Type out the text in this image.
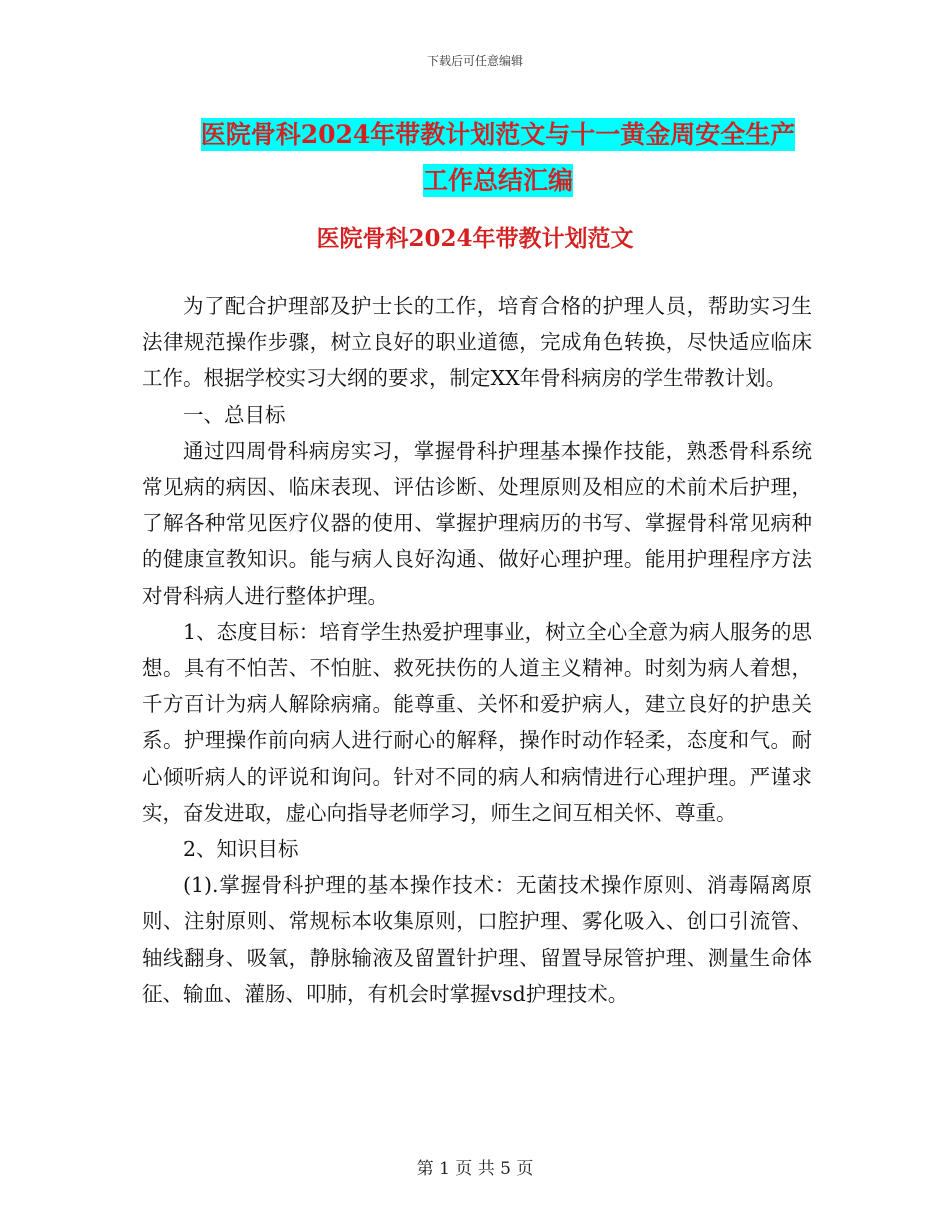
下载后可任意编辑
医院骨科2024年带教计划范文与十一黄金周安全生产
工作总结汇编
医院骨科2024年带教计划范文

为了配合护理部及护士长的工作，培育合格的护理人员，帮助实习生法律规范操作步骤，树立良好的职业道德，完成角色转换，尽快适应临床工作。根据学校实习大纲的要求，制定XX年骨科病房的学生带教计划。

一、总目标

通过四周骨科病房实习，掌握骨科护理基本操作技能，熟悉骨科系统常见病的病因、临床表现、评估诊断、处理原则及相应的术前术后护理，了解各种常见医疗仪器的使用、掌握护理病历的书写、掌握骨科常见病种的健康宣教知识。能与病人良好沟通、做好心理护理。能用护理程序方法对骨科病人进行整体护理。

1、态度目标：培育学生热爱护理事业，树立全心全意为病人服务的思想。具有不怕苦、不怕脏、救死扶伤的人道主义精神。时刻为病人着想，千方百计为病人解除病痛。能尊重、关怀和爱护病人，建立良好的护患关系。护理操作前向病人进行耐心的解释，操作时动作轻柔，态度和气。耐心倾听病人的评说和询问。针对不同的病人和病情进行心理护理。严谨求实，奋发进取，虚心向指导老师学习，师生之间互相关怀、尊重。

2、知识目标

(1).掌握骨科护理的基本操作技术：无菌技术操作原则、消毒隔离原则、注射原则、常规标本收集原则，口腔护理、雾化吸入、创口引流管、轴线翻身、吸氧，静脉输液及留置针护理、留置导尿管护理、测量生命体征、输血、灌肠、叩肺，有机会时掌握vsd护理技术。

第 1 页 共 5 页
